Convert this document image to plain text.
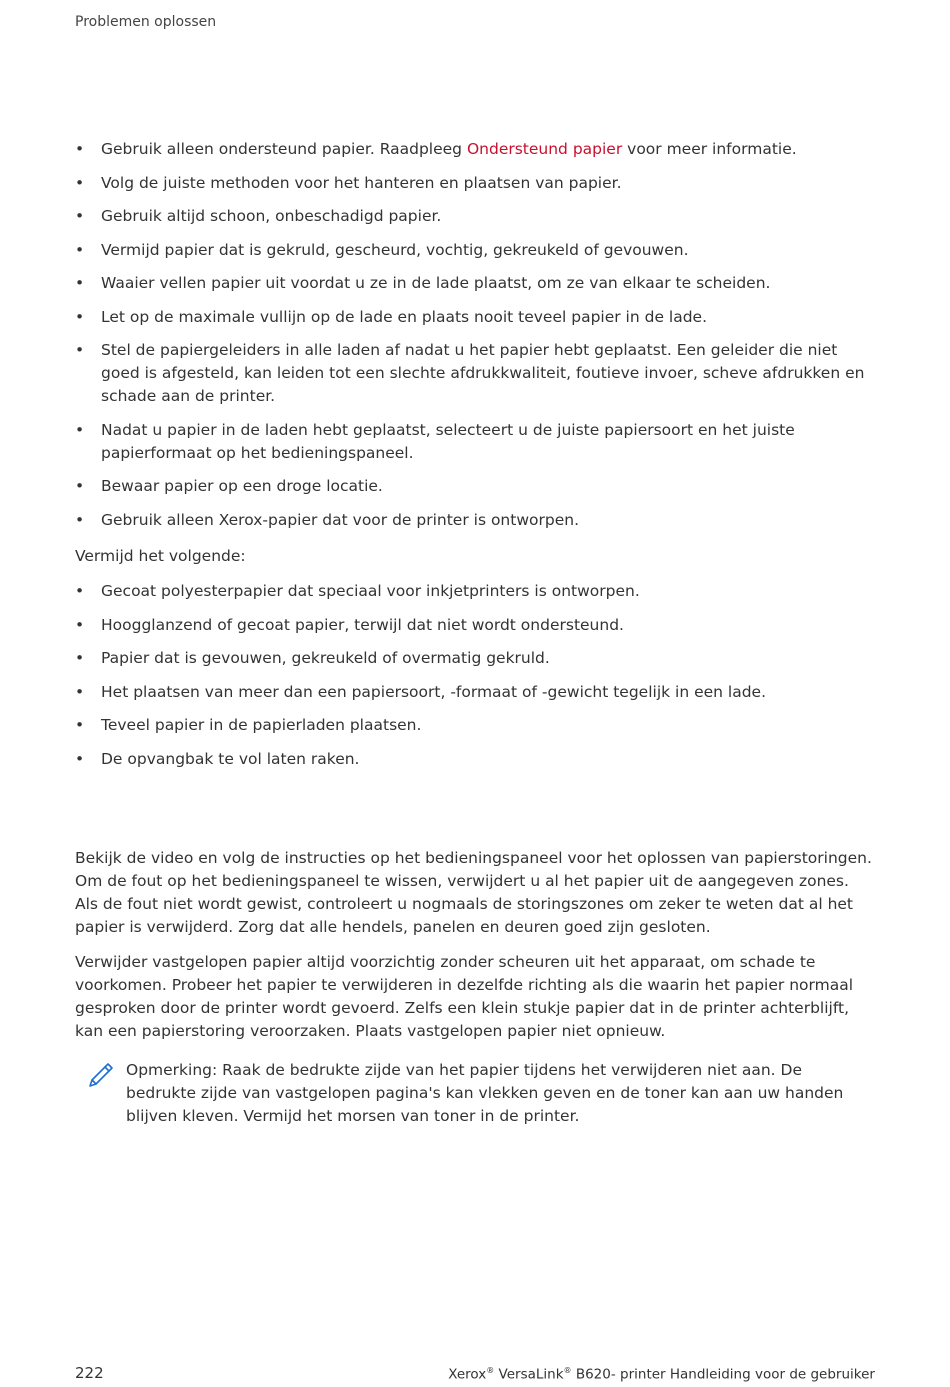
Problemen oplossen
• Gebruik alleen ondersteund papier. Raadpleeg Ondersteund papier voor meer informatie.
• Volg de juiste methoden voor het hanteren en plaatsen van papier.
• Gebruik altijd schoon, onbeschadigd papier.
• Vermijd papier dat is gekruld, gescheurd, vochtig, gekreukeld of gevouwen.
• Waaier vellen papier uit voordat u ze in de lade plaatst, om ze van elkaar te scheiden.
• Let op de maximale vullijn op de lade en plaats nooit teveel papier in de lade.
• Stel de papiergeleiders in alle laden af nadat u het papier hebt geplaatst. Een geleider die niet goed is afgesteld, kan leiden tot een slechte afdrukkwaliteit, foutieve invoer, scheve afdrukken en schade aan de printer.
• Nadat u papier in de laden hebt geplaatst, selecteert u de juiste papiersoort en het juiste papierformaat op het bedieningspaneel.
• Bewaar papier op een droge locatie.
• Gebruik alleen Xerox-papier dat voor de printer is ontworpen.
Vermijd het volgende:
• Gecoat polyesterpapier dat speciaal voor inkjetprinters is ontworpen.
• Hoogglanzend of gecoat papier, terwijl dat niet wordt ondersteund.
• Papier dat is gevouwen, gekreukeld of overmatig gekruld.
• Het plaatsen van meer dan een papiersoort, -formaat of -gewicht tegelijk in een lade.
• Teveel papier in de papierladen plaatsen.
• De opvangbak te vol laten raken.

Bekijk de video en volg de instructies op het bedieningspaneel voor het oplossen van papierstoringen. Om de fout op het bedieningspaneel te wissen, verwijdert u al het papier uit de aangegeven zones. Als de fout niet wordt gewist, controleert u nogmaals de storingszones om zeker te weten dat al het papier is verwijderd. Zorg dat alle hendels, panelen en deuren goed zijn gesloten.

Verwijder vastgelopen papier altijd voorzichtig zonder scheuren uit het apparaat, om schade te voorkomen. Probeer het papier te verwijderen in dezelfde richting als die waarin het papier normaal gesproken door de printer wordt gevoerd. Zelfs een klein stukje papier dat in de printer achterblijft, kan een papierstoring veroorzaken. Plaats vastgelopen papier niet opnieuw.

Opmerking: Raak de bedrukte zijde van het papier tijdens het verwijderen niet aan. De bedrukte zijde van vastgelopen pagina's kan vlekken geven en de toner kan aan uw handen blijven kleven. Vermijd het morsen van toner in de printer.

222	Xerox® VersaLink® B620- printer Handleiding voor de gebruiker
